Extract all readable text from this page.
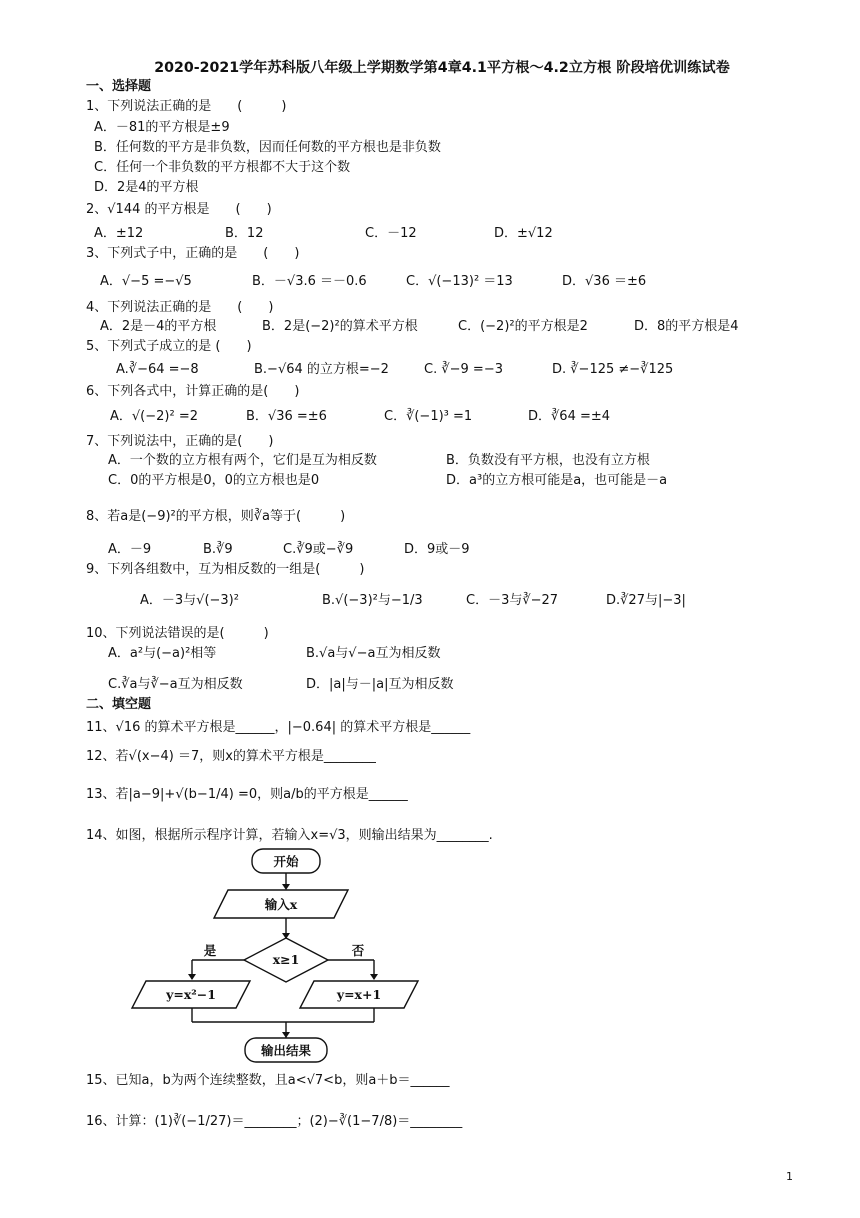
2020-2021学年苏科版八年级上学期数学第4章4.1平方根～4.2立方根 阶段培优训练试卷
一、选择题
1、下列说法正确的是　　(　　　)
A．－81的平方根是±9
B．任何数的平方是非负数，因而任何数的平方根也是非负数
C．任何一个非负数的平方根都不大于这个数
D．2是4的平方根
2、√144 的平方根是　　(　　)
A．±12	B．12	C．－12	D．±√12
3、下列式子中，正确的是　　(　　)
A．√−5 =−√5	B．－√3.6 ＝－0.6	C．√(−13)² ＝13	D．√36 ＝±6
4、下列说法正确的是　　(　　)
A．2是－4的平方根	B．2是(−2)²的算术平方根	C．(−2)²的平方根是2	D．8的平方根是4
5、下列式子成立的是 (　　)
A.∛−64 =−8	B.−√64 的立方根=−2	C. ∛−9 =−3	D. ∛−125 ≠−∛125
6、下列各式中，计算正确的是(　　)
A．√(−2)² =2	B．√36 =±6	C．∛(−1)³ =1	D．∛64 =±4
7、下列说法中，正确的是(　　)
A．一个数的立方根有两个，它们是互为相反数	B．负数没有平方根，也没有立方根
C．0的平方根是0，0的立方根也是0	D．a³的立方根可能是a，也可能是－a
8、若a是(−9)²的平方根，则∛a等于(　　　)
A．－9	B.∛9	C.∛9或−∛9	D．9或－9
9、下列各组数中，互为相反数的一组是(　　　)
A．－3与√(−3)²	B.√(−3)²与−1/3	C．－3与∛−27	D.∛27与|−3|
10、下列说法错误的是(　　　)
A．a²与(−a)²相等	B.√a与√−a互为相反数
C.∛a与∛−a互为相反数	D．|a|与－|a|互为相反数
二、填空题
11、√16 的算术平方根是______，|−0.64| 的算术平方根是______
12、若√(x−4) ＝7，则x的算术平方根是________
13、若|a−9|+√(b−1/4) =0，则a/b的平方根是______
14、如图，根据所示程序计算，若输入x=√3，则输出结果为________.
开始
输入x
x≥1
是	否
y=x²−1	y=x+1
输出结果
15、已知a，b为两个连续整数，且a<√7<b，则a＋b＝______
16、计算：(1)∛(−1/27)＝________；(2)−∛(1−7/8)＝________
1
